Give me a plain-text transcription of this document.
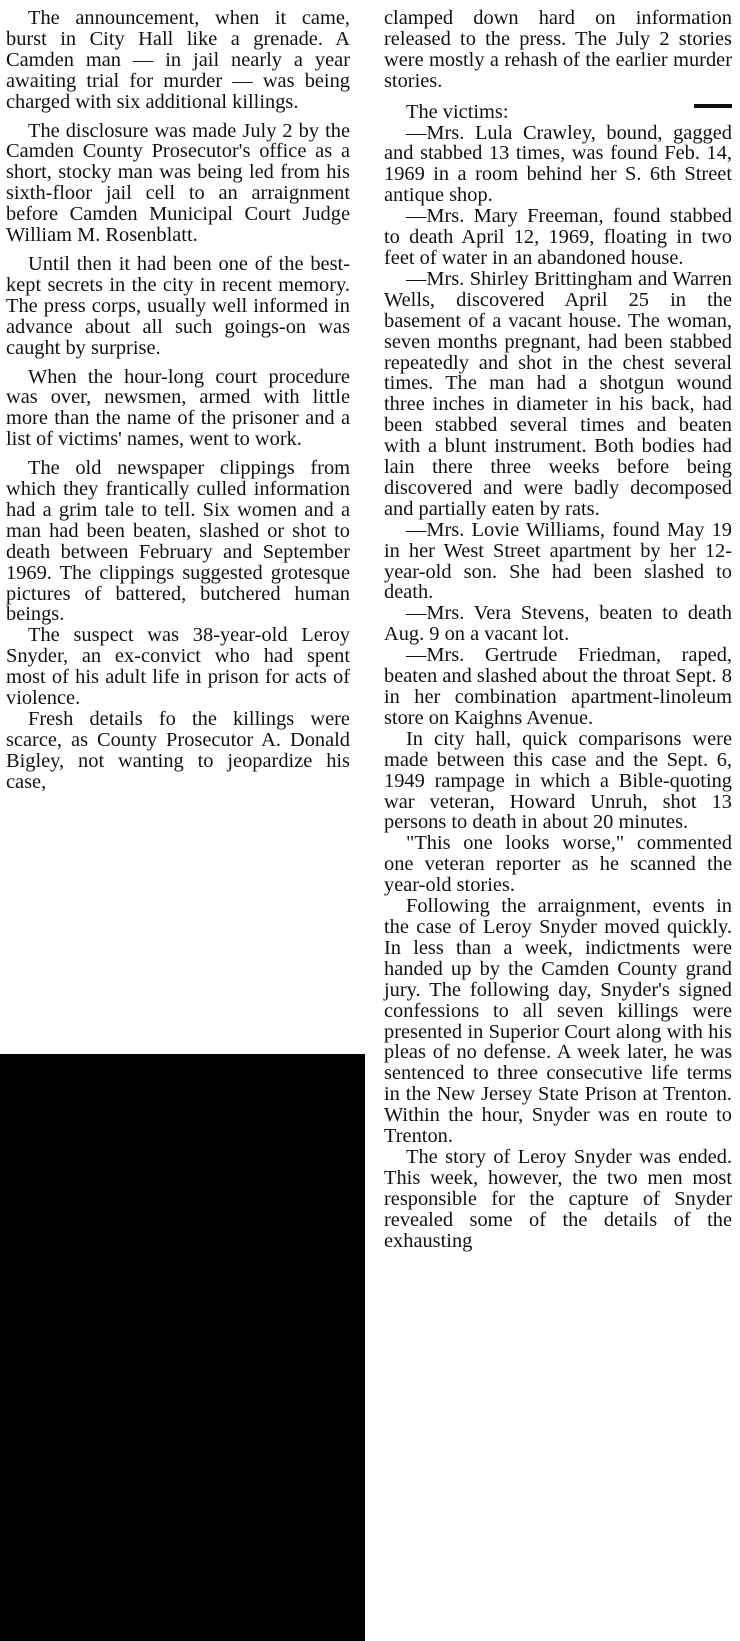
The announcement, when it came, burst in City Hall like a grenade. A Camden man — in jail nearly a year awaiting trial for murder — was being charged with six additional killings.

The disclosure was made July 2 by the Camden County Prosecutor's office as a short, stocky man was being led from his sixth-floor jail cell to an arraignment before Camden Municipal Court Judge William M. Rosenblatt.

Until then it had been one of the best-kept secrets in the city in recent memory. The press corps, usually well informed in advance about all such goings-on was caught by surprise.

When the hour-long court procedure was over, newsmen, armed with little more than the name of the prisoner and a list of victims' names, went to work.

The old newspaper clippings from which they frantically culled information had a grim tale to tell. Six women and a man had been beaten, slashed or shot to death between February and September 1969. The clippings suggested grotesque pictures of battered, butchered human beings.

The suspect was 38-year-old Leroy Snyder, an ex-convict who had spent most of his adult life in prison for acts of violence.

Fresh details fo the killings were scarce, as County Prosecutor A. Donald Bigley, not wanting to jeopardize his case,

clamped down hard on information released to the press. The July 2 stories were mostly a rehash of the earlier murder stories.

The victims:

—Mrs. Lula Crawley, bound, gagged and stabbed 13 times, was found Feb. 14, 1969 in a room behind her S. 6th Street antique shop.

—Mrs. Mary Freeman, found stabbed to death April 12, 1969, floating in two feet of water in an abandoned house.

—Mrs. Shirley Brittingham and Warren Wells, discovered April 25 in the basement of a vacant house. The woman, seven months pregnant, had been stabbed repeatedly and shot in the chest several times. The man had a shotgun wound three inches in diameter in his back, had been stabbed several times and beaten with a blunt instrument. Both bodies had lain there three weeks before being discovered and were badly decomposed and partially eaten by rats.

—Mrs. Lovie Williams, found May 19 in her West Street apartment by her 12-year-old son. She had been slashed to death.

—Mrs. Vera Stevens, beaten to death Aug. 9 on a vacant lot.

—Mrs. Gertrude Friedman, raped, beaten and slashed about the throat Sept. 8 in her combination apartment-linoleum store on Kaighns Avenue.

In city hall, quick comparisons were made between this case and the Sept. 6, 1949 rampage in which a Bible-quoting war veteran, Howard Unruh, shot 13 persons to death in about 20 minutes.

"This one looks worse," commented one veteran reporter as he scanned the year-old stories.

Following the arraignment, events in the case of Leroy Snyder moved quickly. In less than a week, indictments were handed up by the Camden County grand jury. The following day, Snyder's signed confessions to all seven killings were presented in Superior Court along with his pleas of no defense. A week later, he was sentenced to three consecutive life terms in the New Jersey State Prison at Trenton. Within the hour, Snyder was en route to Trenton.

The story of Leroy Snyder was ended. This week, however, the two men most responsible for the capture of Snyder revealed some of the details of the exhausting
